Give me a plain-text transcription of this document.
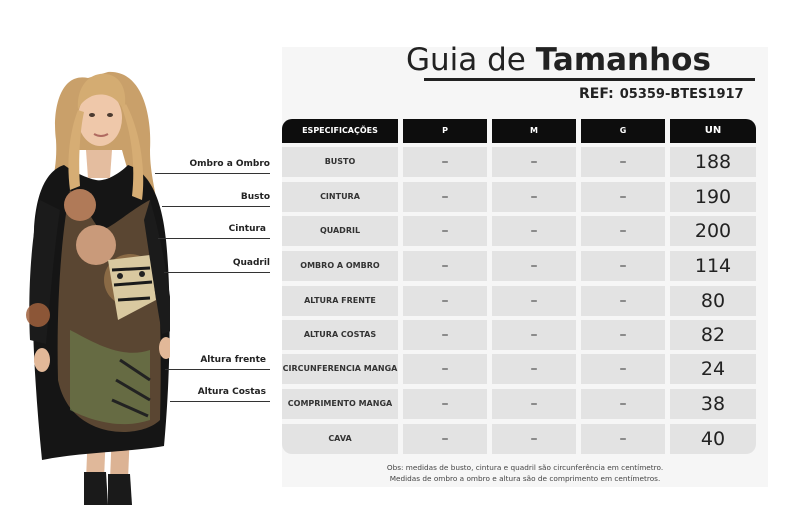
Ombro a Ombro
Busto
Cintura
Quadril
Altura frente
Altura Costas
Guia de Tamanhos
REF: 05359-BTES1917
ESPECIFICAÇÕES	P	M	G	UN
BUSTO	–	–	–	188
CINTURA	–	–	–	190
QUADRIL	–	–	–	200
OMBRO A OMBRO	–	–	–	114
ALTURA FRENTE	–	–	–	80
ALTURA COSTAS	–	–	–	82
CIRCUNFERENCIA MANGA	–	–	–	24
COMPRIMENTO MANGA	–	–	–	38
CAVA	–	–	–	40
Obs: medidas de busto, cintura e quadril são circunferência em centímetro.
Medidas de ombro a ombro e altura são de comprimento em centímetros.
